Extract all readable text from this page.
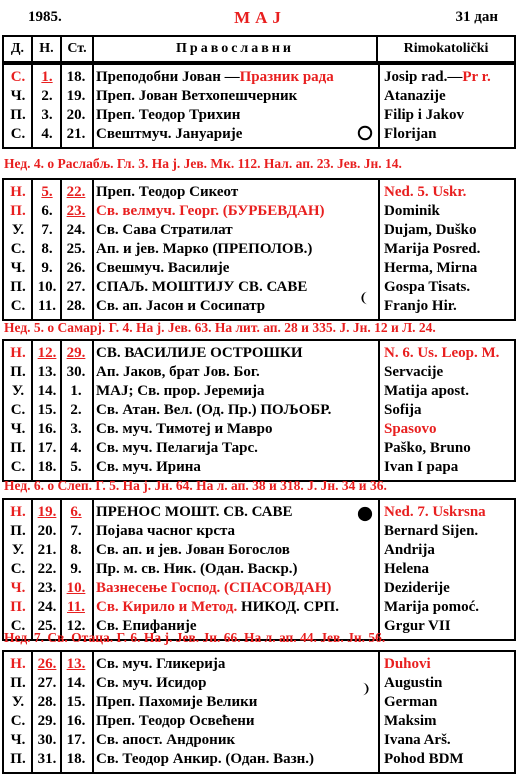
1985.	МАЈ	31 дан
Д.	Н. Ст.	Православни	Rimokatolički
С.	1. 18. Преподобни Јован —Празник рада	Josip rad.—Pr r.
Ч.	2. 19. Преп. Јован Ветхопешчерник	Atanazije
П.	3. 20. Преп. Теодор Трихин	Filip i Jakov
С.	4. 21. Свештмуч. Јануарије	Florijan
Н.	5. 22. Преп. Теодор Сикеот	Ned. 5. Uskr.
П.	6. 23. Св. велмуч. Георг. (БУРБЕВДАН)	Dominik
У.	7. 24. Св. Сава Стратилат	Dujam, Duško
С.	8. 25. Ап. и јев. Марко (ПРЕПОЛОВ.)	Marija Posred.
Ч.	9. 26. Свешмуч. Василије	Herma, Mirna
П. 10. 27. СПАЉ. МОШТИЈУ СВ. САВЕ	Gospa Tisats.
С. 11. 28. Св. ап. Јасон и Сосипатр	Franjo Hir.
Н. 12. 29. СВ. ВАСИЛИЈЕ ОСТРОШКИ	N. 6. Us. Leop. M.
П. 13. 30. Ап. Јаков, брат Јов. Бог.	Servacije
У. 14. 1. МАЈ; Св. прор. Јеремија	Matija apost.
С. 15. 2. Св. Атан. Вел. (Од. Пр.) ПОЉОБР.	Sofija
Ч. 16. 3. Св. муч. Тимотеј и Мавро	Spasovo
П. 17. 4. Св. муч. Пелагија Тарс.	Paško, Bruno
С. 18. 5. Св. муч. Ирина	Ivan I papa
Н. 19. 6. ПРЕНОС МОШТ. СВ. САВЕ	Ned. 7. Uskrsna
П. 20. 7. Појава часног крста	Bernard Sijen.
У. 21. 8. Св. ап. и јев. Јован Богослов	Andrija
С. 22. 9. Пр. м. св. Ник. (Одан. Васкр.)	Helena
Ч. 23. 10. Вазнесење Господ. (СПАСОВДАН)	Deziderije
П. 24. 11. Св. Кирило и Метод. НИКОД. СРП.	Marija pomoć.
С. 25. 12. Св. Епифаније	Grgur VII
Н. 26. 13. Св. муч. Гликерија	Duhovi
П. 27. 14. Св. муч. Исидор	Augustin
У. 28. 15. Преп. Пахомије Велики	German
С. 29. 16. Преп. Теодор Освећени	Maksim
Ч. 30. 17. Св. апост. Андроник	Ivana Arš.
П. 31. 18. Св. Теодор Анкир. (Одан. Вазн.)	Pohod BDM
Нед. 4. о Раслабљ. Гл. 3. На ј. Јев. Мк. 112. Нал. ап. 23. Јев. Јн. 14.
Нед. 5. о Самарј. Г. 4. На ј. Јев. 63. На лит. ап. 28 и 335. Ј. Јн. 12 и Л. 24.
Нед. 6. о Слеп. Г. 5. На ј. Јн. 64. На л. ап. 38 и 318. Ј. Јн. 34 и 36.
Нед. 7. Св. Отаца. Г. 6. На ј. Јев. Јн. 66. На л. ап. 44. Јев. Јн. 56.
